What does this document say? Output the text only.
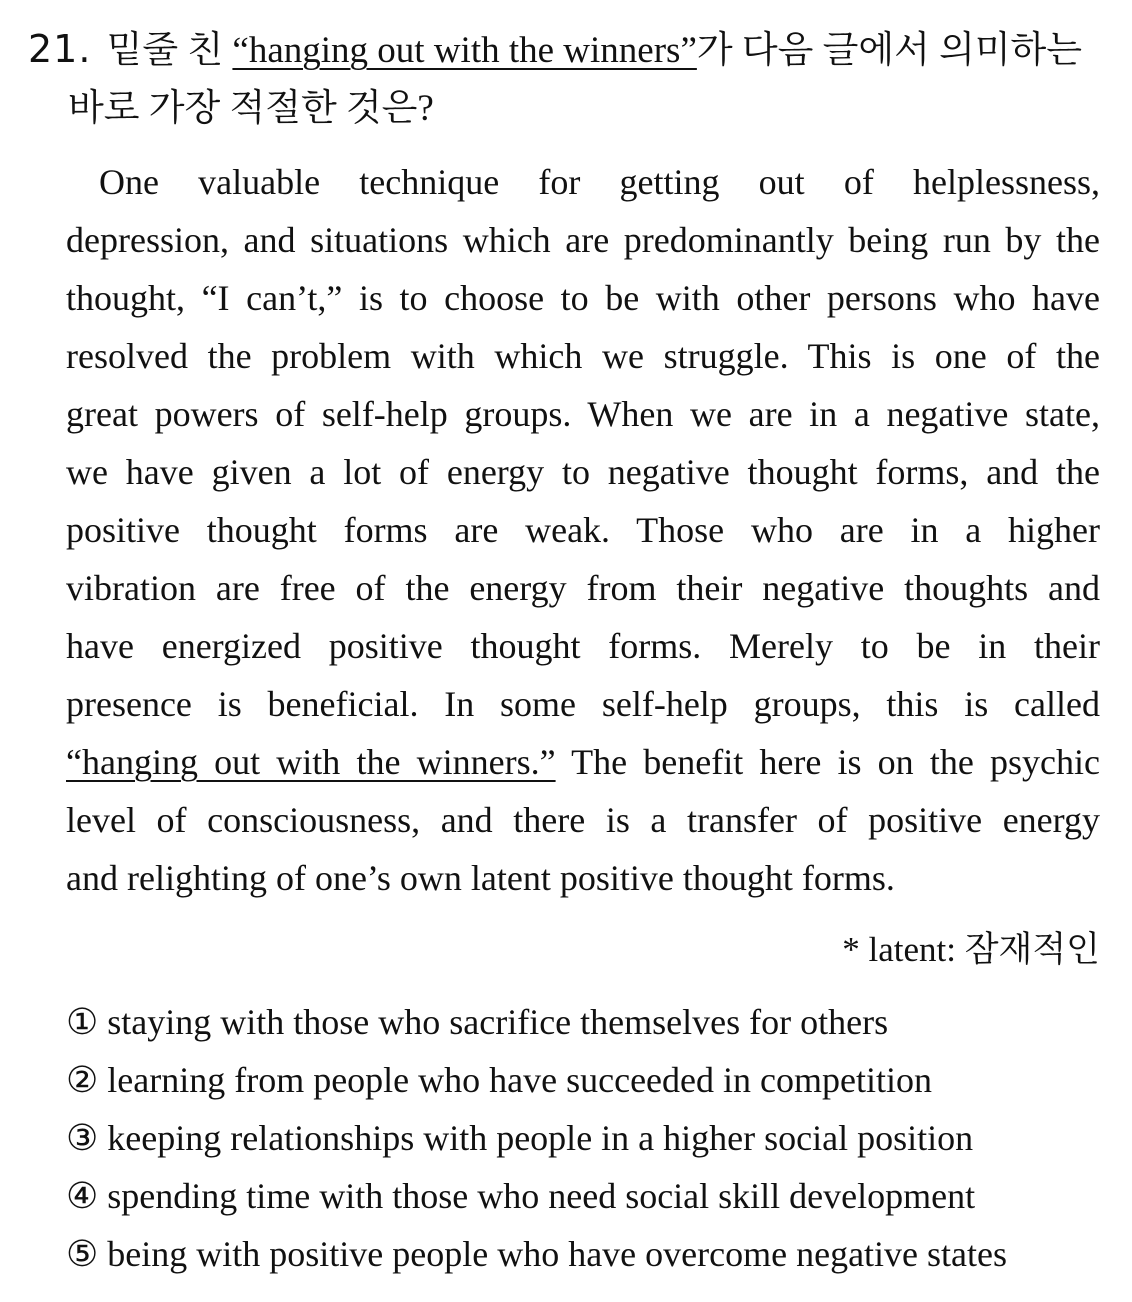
21. 밑줄 친 “hanging out with the winners”가 다음 글에서 의미하는
바로 가장 적절한 것은?
One valuable technique for getting out of helplessness,
depression, and situations which are predominantly being run by the
thought, “I can’t,” is to choose to be with other persons who have
resolved the problem with which we struggle. This is one of the
great powers of self-help groups. When we are in a negative state,
we have given a lot of energy to negative thought forms, and the
positive thought forms are weak. Those who are in a higher
vibration are free of the energy from their negative thoughts and
have energized positive thought forms. Merely to be in their
presence is beneficial. In some self-help groups, this is called
“hanging out with the winners.” The benefit here is on the psychic
level of consciousness, and there is a transfer of positive energy
and relighting of one’s own latent positive thought forms.
* latent: 잠재적인
① staying with those who sacrifice themselves for others
② learning from people who have succeeded in competition
③ keeping relationships with people in a higher social position
④ spending time with those who need social skill development
⑤ being with positive people who have overcome negative states
